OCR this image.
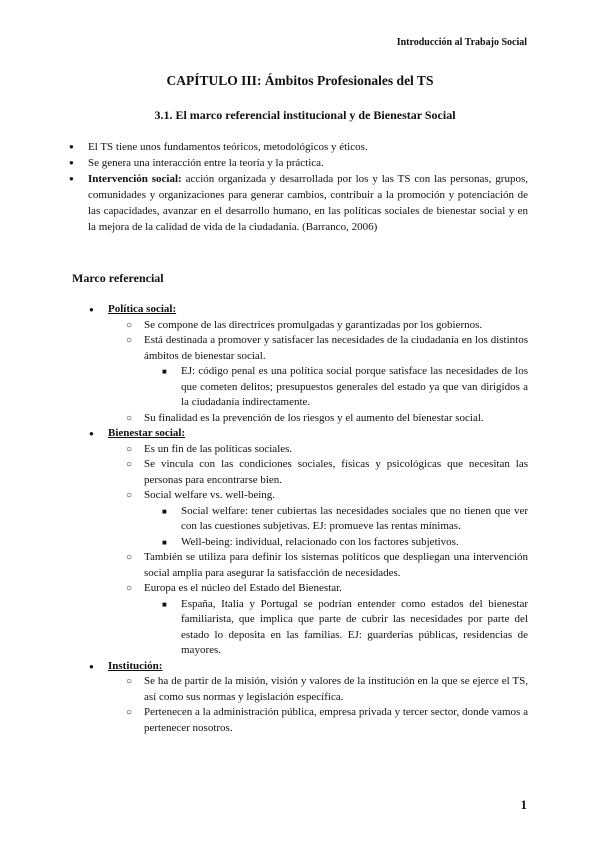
Introducción al Trabajo Social
CAPÍTULO III: Ámbitos Profesionales del TS
3.1. El marco referencial institucional y de Bienestar Social
● El TS tiene unos fundamentos teóricos, metodológicos y éticos.
● Se genera una interacción entre la teoría y la práctica.
● Intervención social: acción organizada y desarrollada por los y las TS con las personas, grupos, comunidades y organizaciones para generar cambios, contribuir a la promoción y potenciación de las capacidades, avanzar en el desarrollo humano, en las políticas sociales de bienestar social y en la mejora de la calidad de vida de la ciudadanía. (Barranco, 2006)
Marco referencial
● Política social:
○ Se compone de las directrices promulgadas y garantizadas por los gobiernos.
○ Está destinada a promover y satisfacer las necesidades de la ciudadanía en los distintos ámbitos de bienestar social.
■ EJ: código penal es una política social porque satisface las necesidades de los que cometen delitos; presupuestos generales del estado ya que van dirigidos a la ciudadanía indirectamente.
○ Su finalidad es la prevención de los riesgos y el aumento del bienestar social.
● Bienestar social:
○ Es un fin de las políticas sociales.
○ Se vincula con las condiciones sociales, físicas y psicológicas que necesitan las personas para encontrarse bien.
○ Social welfare vs. well-being.
■ Social welfare: tener cubiertas las necesidades sociales que no tienen que ver con las cuestiones subjetivas. EJ: promueve las rentas mínimas.
■ Well-being: individual, relacionado con los factores subjetivos.
○ También se utiliza para definir los sistemas políticos que despliegan una intervención social amplia para asegurar la satisfacción de necesidades.
○ Europa es el núcleo del Estado del Bienestar.
■ España, Italia y Portugal se podrían entender como estados del bienestar familiarista, que implica que parte de cubrir las necesidades por parte del estado lo deposita en las familias. EJ: guarderías públicas, residencias de mayores.
● Institución:
○ Se ha de partir de la misión, visión y valores de la institución en la que se ejerce el TS, así como sus normas y legislación específica.
○ Pertenecen a la administración pública, empresa privada y tercer sector, donde vamos a pertenecer nosotros.
1
